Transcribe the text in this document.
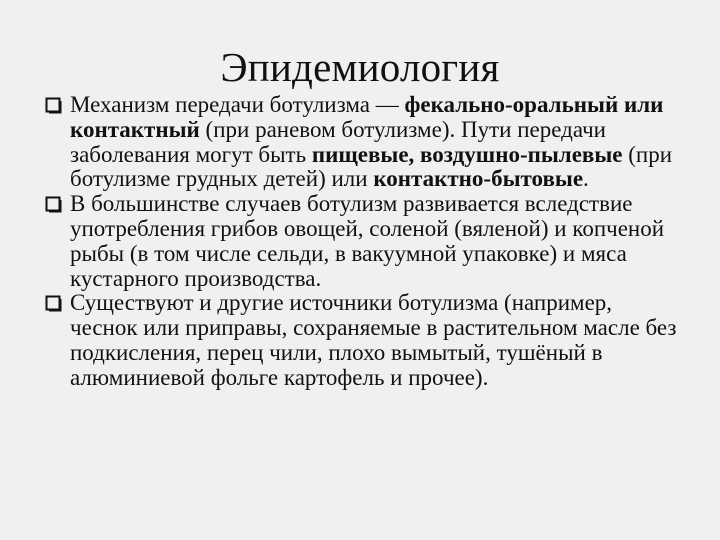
Эпидемиология
Механизм передачи ботулизма — фекально-оральный или контактный (при раневом ботулизме). Пути передачи заболевания могут быть пищевые, воздушно-пылевые (при ботулизме грудных детей) или контактно-бытовые.
В большинстве случаев ботулизм развивается вследствие употребления грибов овощей, соленой (вяленой) и копченой рыбы (в том числе сельди, в вакуумной упаковке) и мяса кустарного производства.
Существуют и другие источники ботулизма (например, чеснок или приправы, сохраняемые в растительном масле без подкисления, перец чили, плохо вымытый, тушёный в алюминиевой фольге картофель и прочее).
